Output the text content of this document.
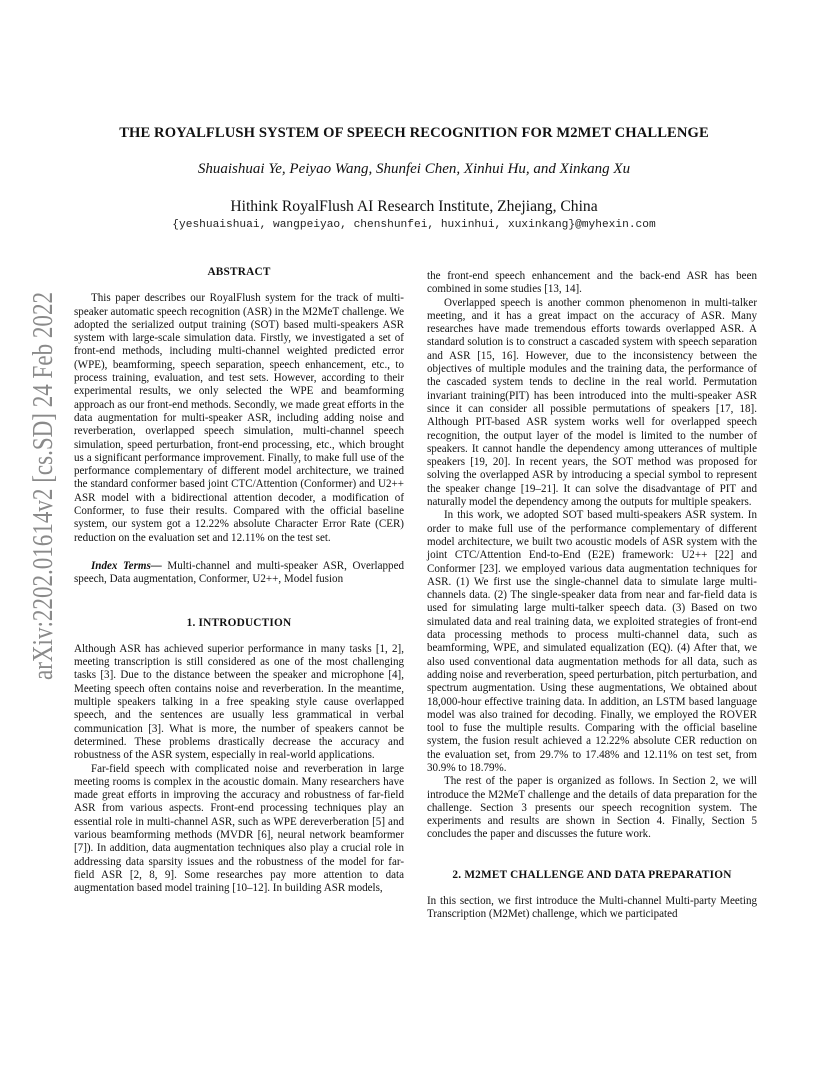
arXiv:2202.01614v2 [cs.SD] 24 Feb 2022
THE ROYALFLUSH SYSTEM OF SPEECH RECOGNITION FOR M2MET CHALLENGE
Shuaishuai Ye, Peiyao Wang, Shunfei Chen, Xinhui Hu, and Xinkang Xu
Hithink RoyalFlush AI Research Institute, Zhejiang, China
{yeshuaishuai, wangpeiyao, chenshunfei, huxinhui, xuxinkang}@myhexin.com
ABSTRACT

This paper describes our RoyalFlush system for the track of multi-speaker automatic speech recognition (ASR) in the M2MeT challenge. We adopted the serialized output training (SOT) based multi-speakers ASR system with large-scale simulation data. Firstly, we investigated a set of front-end methods, including multi-channel weighted predicted error (WPE), beamforming, speech separation, speech enhancement, etc., to process training, evaluation, and test sets. However, according to their experimental results, we only selected the WPE and beamforming approach as our front-end methods. Secondly, we made great efforts in the data augmentation for multi-speaker ASR, including adding noise and reverberation, overlapped speech simulation, multi-channel speech simulation, speed perturbation, front-end processing, etc., which brought us a significant performance improvement. Finally, to make full use of the performance complementary of different model architecture, we trained the standard conformer based joint CTC/Attention (Conformer) and U2++ ASR model with a bidirectional attention decoder, a modification of Conformer, to fuse their results. Compared with the official baseline system, our system got a 12.22% absolute Character Error Rate (CER) reduction on the evaluation set and 12.11% on the test set.

Index Terms— Multi-channel and multi-speaker ASR, Overlapped speech, Data augmentation, Conformer, U2++, Model fusion

1. INTRODUCTION

Although ASR has achieved superior performance in many tasks [1, 2], meeting transcription is still considered as one of the most challenging tasks [3]. Due to the distance between the speaker and microphone [4], Meeting speech often contains noise and reverberation. In the meantime, multiple speakers talking in a free speaking style cause overlapped speech, and the sentences are usually less grammatical in verbal communication [3]. What is more, the number of speakers cannot be determined. These problems drastically decrease the accuracy and robustness of the ASR system, especially in real-world applications.

Far-field speech with complicated noise and reverberation in large meeting rooms is complex in the acoustic domain. Many researchers have made great efforts in improving the accuracy and robustness of far-field ASR from various aspects. Front-end processing techniques play an essential role in multi-channel ASR, such as WPE dereverberation [5] and various beamforming methods (MVDR [6], neural network beamformer [7]). In addition, data augmentation techniques also play a crucial role in addressing data sparsity issues and the robustness of the model for far-field ASR [2, 8, 9]. Some researches pay more attention to data augmentation based model training [10–12]. In building ASR models,

the front-end speech enhancement and the back-end ASR has been combined in some studies [13, 14].

Overlapped speech is another common phenomenon in multi-talker meeting, and it has a great impact on the accuracy of ASR. Many researches have made tremendous efforts towards overlapped ASR. A standard solution is to construct a cascaded system with speech separation and ASR [15, 16]. However, due to the inconsistency between the objectives of multiple modules and the training data, the performance of the cascaded system tends to decline in the real world. Permutation invariant training(PIT) has been introduced into the multi-speaker ASR since it can consider all possible permutations of speakers [17, 18]. Although PIT-based ASR system works well for overlapped speech recognition, the output layer of the model is limited to the number of speakers. It cannot handle the dependency among utterances of multiple speakers [19, 20]. In recent years, the SOT method was proposed for solving the overlapped ASR by introducing a special symbol to represent the speaker change [19–21]. It can solve the disadvantage of PIT and naturally model the dependency among the outputs for multiple speakers.

In this work, we adopted SOT based multi-speakers ASR system. In order to make full use of the performance complementary of different model architecture, we built two acoustic models of ASR system with the joint CTC/Attention End-to-End (E2E) framework: U2++ [22] and Conformer [23]. we employed various data augmentation techniques for ASR. (1) We first use the single-channel data to simulate large multi-channels data. (2) The single-speaker data from near and far-field data is used for simulating large multi-talker speech data. (3) Based on two simulated data and real training data, we exploited strategies of front-end data processing methods to process multi-channel data, such as beamforming, WPE, and simulated equalization (EQ). (4) After that, we also used conventional data augmentation methods for all data, such as adding noise and reverberation, speed perturbation, pitch perturbation, and spectrum augmentation. Using these augmentations, We obtained about 18,000-hour effective training data. In addition, an LSTM based language model was also trained for decoding. Finally, we employed the ROVER tool to fuse the multiple results. Comparing with the official baseline system, the fusion result achieved a 12.22% absolute CER reduction on the evaluation set, from 29.7% to 17.48% and 12.11% on test set, from 30.9% to 18.79%.

The rest of the paper is organized as follows. In Section 2, we will introduce the M2MeT challenge and the details of data preparation for the challenge. Section 3 presents our speech recognition system. The experiments and results are shown in Section 4. Finally, Section 5 concludes the paper and discusses the future work.

2. M2MET CHALLENGE AND DATA PREPARATION

In this section, we first introduce the Multi-channel Multi-party Meeting Transcription (M2Met) challenge, which we participated
